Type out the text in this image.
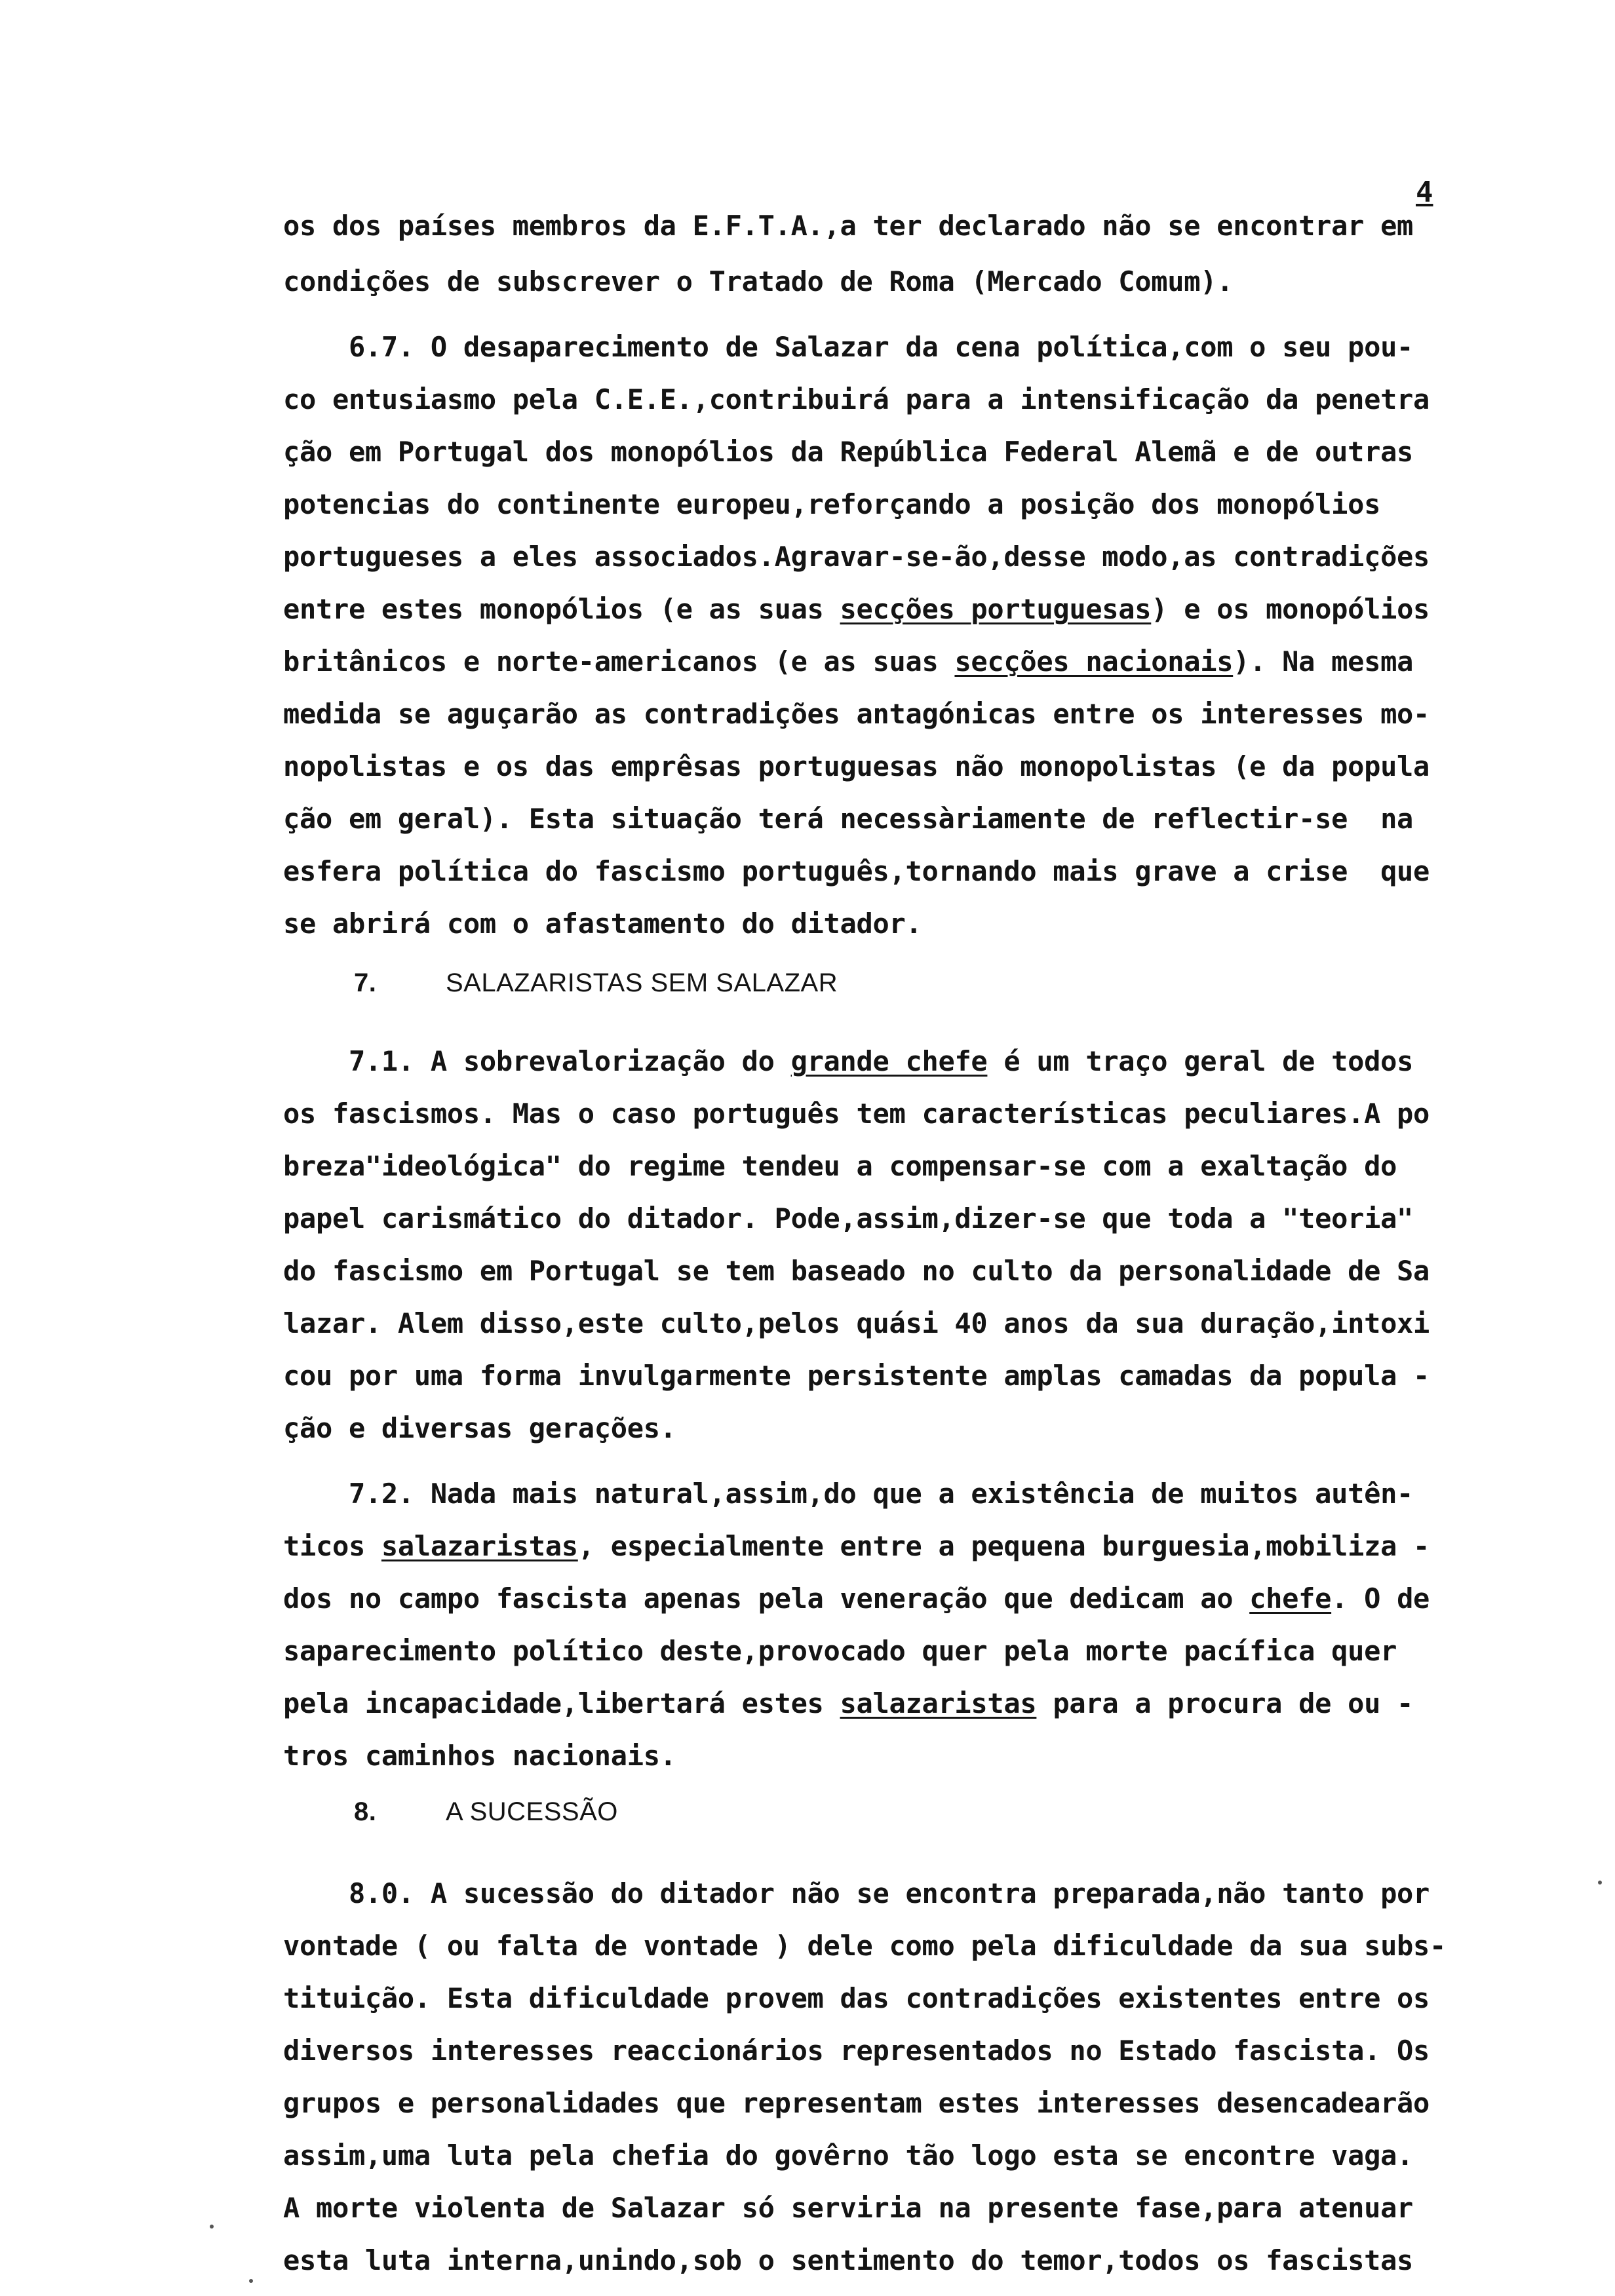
4
os dos países membros da E.F.T.A.,a ter declarado não se encontrar em
condições de subscrever o Tratado de Roma (Mercado Comum).
6.7. O desaparecimento de Salazar da cena política,com o seu pou-
co entusiasmo pela C.E.E.,contribuirá para a intensificação da penetra
ção em Portugal dos monopólios da República Federal Alemã e de outras
potencias do continente europeu,reforçando a posição dos monopólios
portugueses a eles associados.Agravar-se-ão,desse modo,as contradições
entre estes monopólios (e as suas secções portuguesas) e os monopólios
britânicos e norte-americanos (e as suas secções nacionais). Na mesma
medida se aguçarão as contradições antagónicas entre os interesses mo-
nopolistas e os das emprêsas portuguesas não monopolistas (e da popula
ção em geral). Esta situação terá necessàriamente de reflectir-se  na
esfera política do fascismo português,tornando mais grave a crise  que
se abrirá com o afastamento do ditador.
7.1. A sobrevalorização do grande chefe é um traço geral de todos
os fascismos. Mas o caso português tem características peculiares.A po
breza"ideológica" do regime tendeu a compensar-se com a exaltação do
papel carismático do ditador. Pode,assim,dizer-se que toda a "teoria"
do fascismo em Portugal se tem baseado no culto da personalidade de Sa
lazar. Alem disso,este culto,pelos quási 40 anos da sua duração,intoxi
cou por uma forma invulgarmente persistente amplas camadas da popula -
ção e diversas gerações.
7.2. Nada mais natural,assim,do que a existência de muitos autên-
ticos salazaristas, especialmente entre a pequena burguesia,mobiliza -
dos no campo fascista apenas pela veneração que dedicam ao chefe. O de
saparecimento político deste,provocado quer pela morte pacífica quer
pela incapacidade,libertará estes salazaristas para a procura de ou -
tros caminhos nacionais.
8.0. A sucessão do ditador não se encontra preparada,não tanto por
vontade ( ou falta de vontade ) dele como pela dificuldade da sua subs-
tituição. Esta dificuldade provem das contradições existentes entre os
diversos interesses reaccionários representados no Estado fascista. Os
grupos e personalidades que representam estes interesses desencadearão
assim,uma luta pela chefia do govêrno tão logo esta se encontre vaga.
A morte violenta de Salazar só serviria na presente fase,para atenuar
esta luta interna,unindo,sob o sentimento do temor,todos os fascistas
7.	SALAZARISTAS SEM SALAZAR
8.	A SUCESSÃO
